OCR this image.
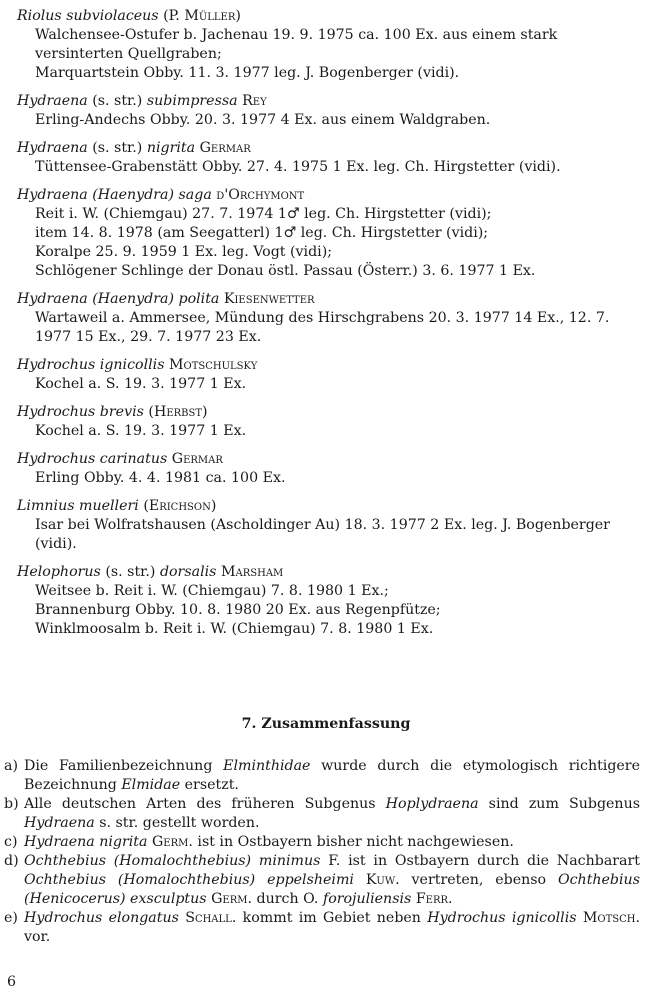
Riolus subviolaceus (P. Müller)
Walchensee-Ostufer b. Jachenau 19. 9. 1975 ca. 100 Ex. aus einem stark versinterten Quellgraben;
Marquartstein Obby. 11. 3. 1977 leg. J. Bogenberger (vidi).
Hydraena (s. str.) subimpressa Rey
Erling-Andechs Obby. 20. 3. 1977 4 Ex. aus einem Waldgraben.
Hydraena (s. str.) nigrita Germar
Tüttensee-Grabenstätt Obby. 27. 4. 1975 1 Ex. leg. Ch. Hirgstetter (vidi).
Hydraena (Haenydra) saga d'Orchymont
Reit i. W. (Chiemgau) 27. 7. 1974 1♂ leg. Ch. Hirgstetter (vidi);
item 14. 8. 1978 (am Seegatterl) 1♂ leg. Ch. Hirgstetter (vidi);
Koralpe 25. 9. 1959 1 Ex. leg. Vogt (vidi);
Schlögener Schlinge der Donau östl. Passau (Österr.) 3. 6. 1977 1 Ex.
Hydraena (Haenydra) polita Kiesenwetter
Wartaweil a. Ammersee, Mündung des Hirschgrabens 20. 3. 1977 14 Ex., 12. 7. 1977 15 Ex., 29. 7. 1977 23 Ex.
Hydrochus ignicollis Motschulsky
Kochel a. S. 19. 3. 1977 1 Ex.
Hydrochus brevis (Herbst)
Kochel a. S. 19. 3. 1977 1 Ex.
Hydrochus carinatus Germar
Erling Obby. 4. 4. 1981 ca. 100 Ex.
Limnius muelleri (Erichson)
Isar bei Wolfratshausen (Ascholdinger Au) 18. 3. 1977 2 Ex. leg. J. Bogenberger (vidi).
Helophorus (s. str.) dorsalis Marsham
Weitsee b. Reit i. W. (Chiemgau) 7. 8. 1980 1 Ex.;
Brannenburg Obby. 10. 8. 1980 20 Ex. aus Regenpfütze;
Winklmoosalm b. Reit i. W. (Chiemgau) 7. 8. 1980 1 Ex.
7. Zusammenfassung
a) Die Familienbezeichnung Elminthidae wurde durch die etymologisch richtigere Bezeichnung Elmidae ersetzt.
b) Alle deutschen Arten des früheren Subgenus Hoplydraena sind zum Subgenus Hydraena s. str. gestellt worden.
c) Hydraena nigrita Germ. ist in Ostbayern bisher nicht nachgewiesen.
d) Ochthebius (Homalochthebius) minimus F. ist in Ostbayern durch die Nachbarart Ochthebius (Homalochthebius) eppelsheimi Kuw. vertreten, ebenso Ochthebius (Henicocerus) exsculptus Germ. durch O. forojuliensis Ferr.
e) Hydrochus elongatus Schall. kommt im Gebiet neben Hydrochus ignicollis Motsch. vor.
6
